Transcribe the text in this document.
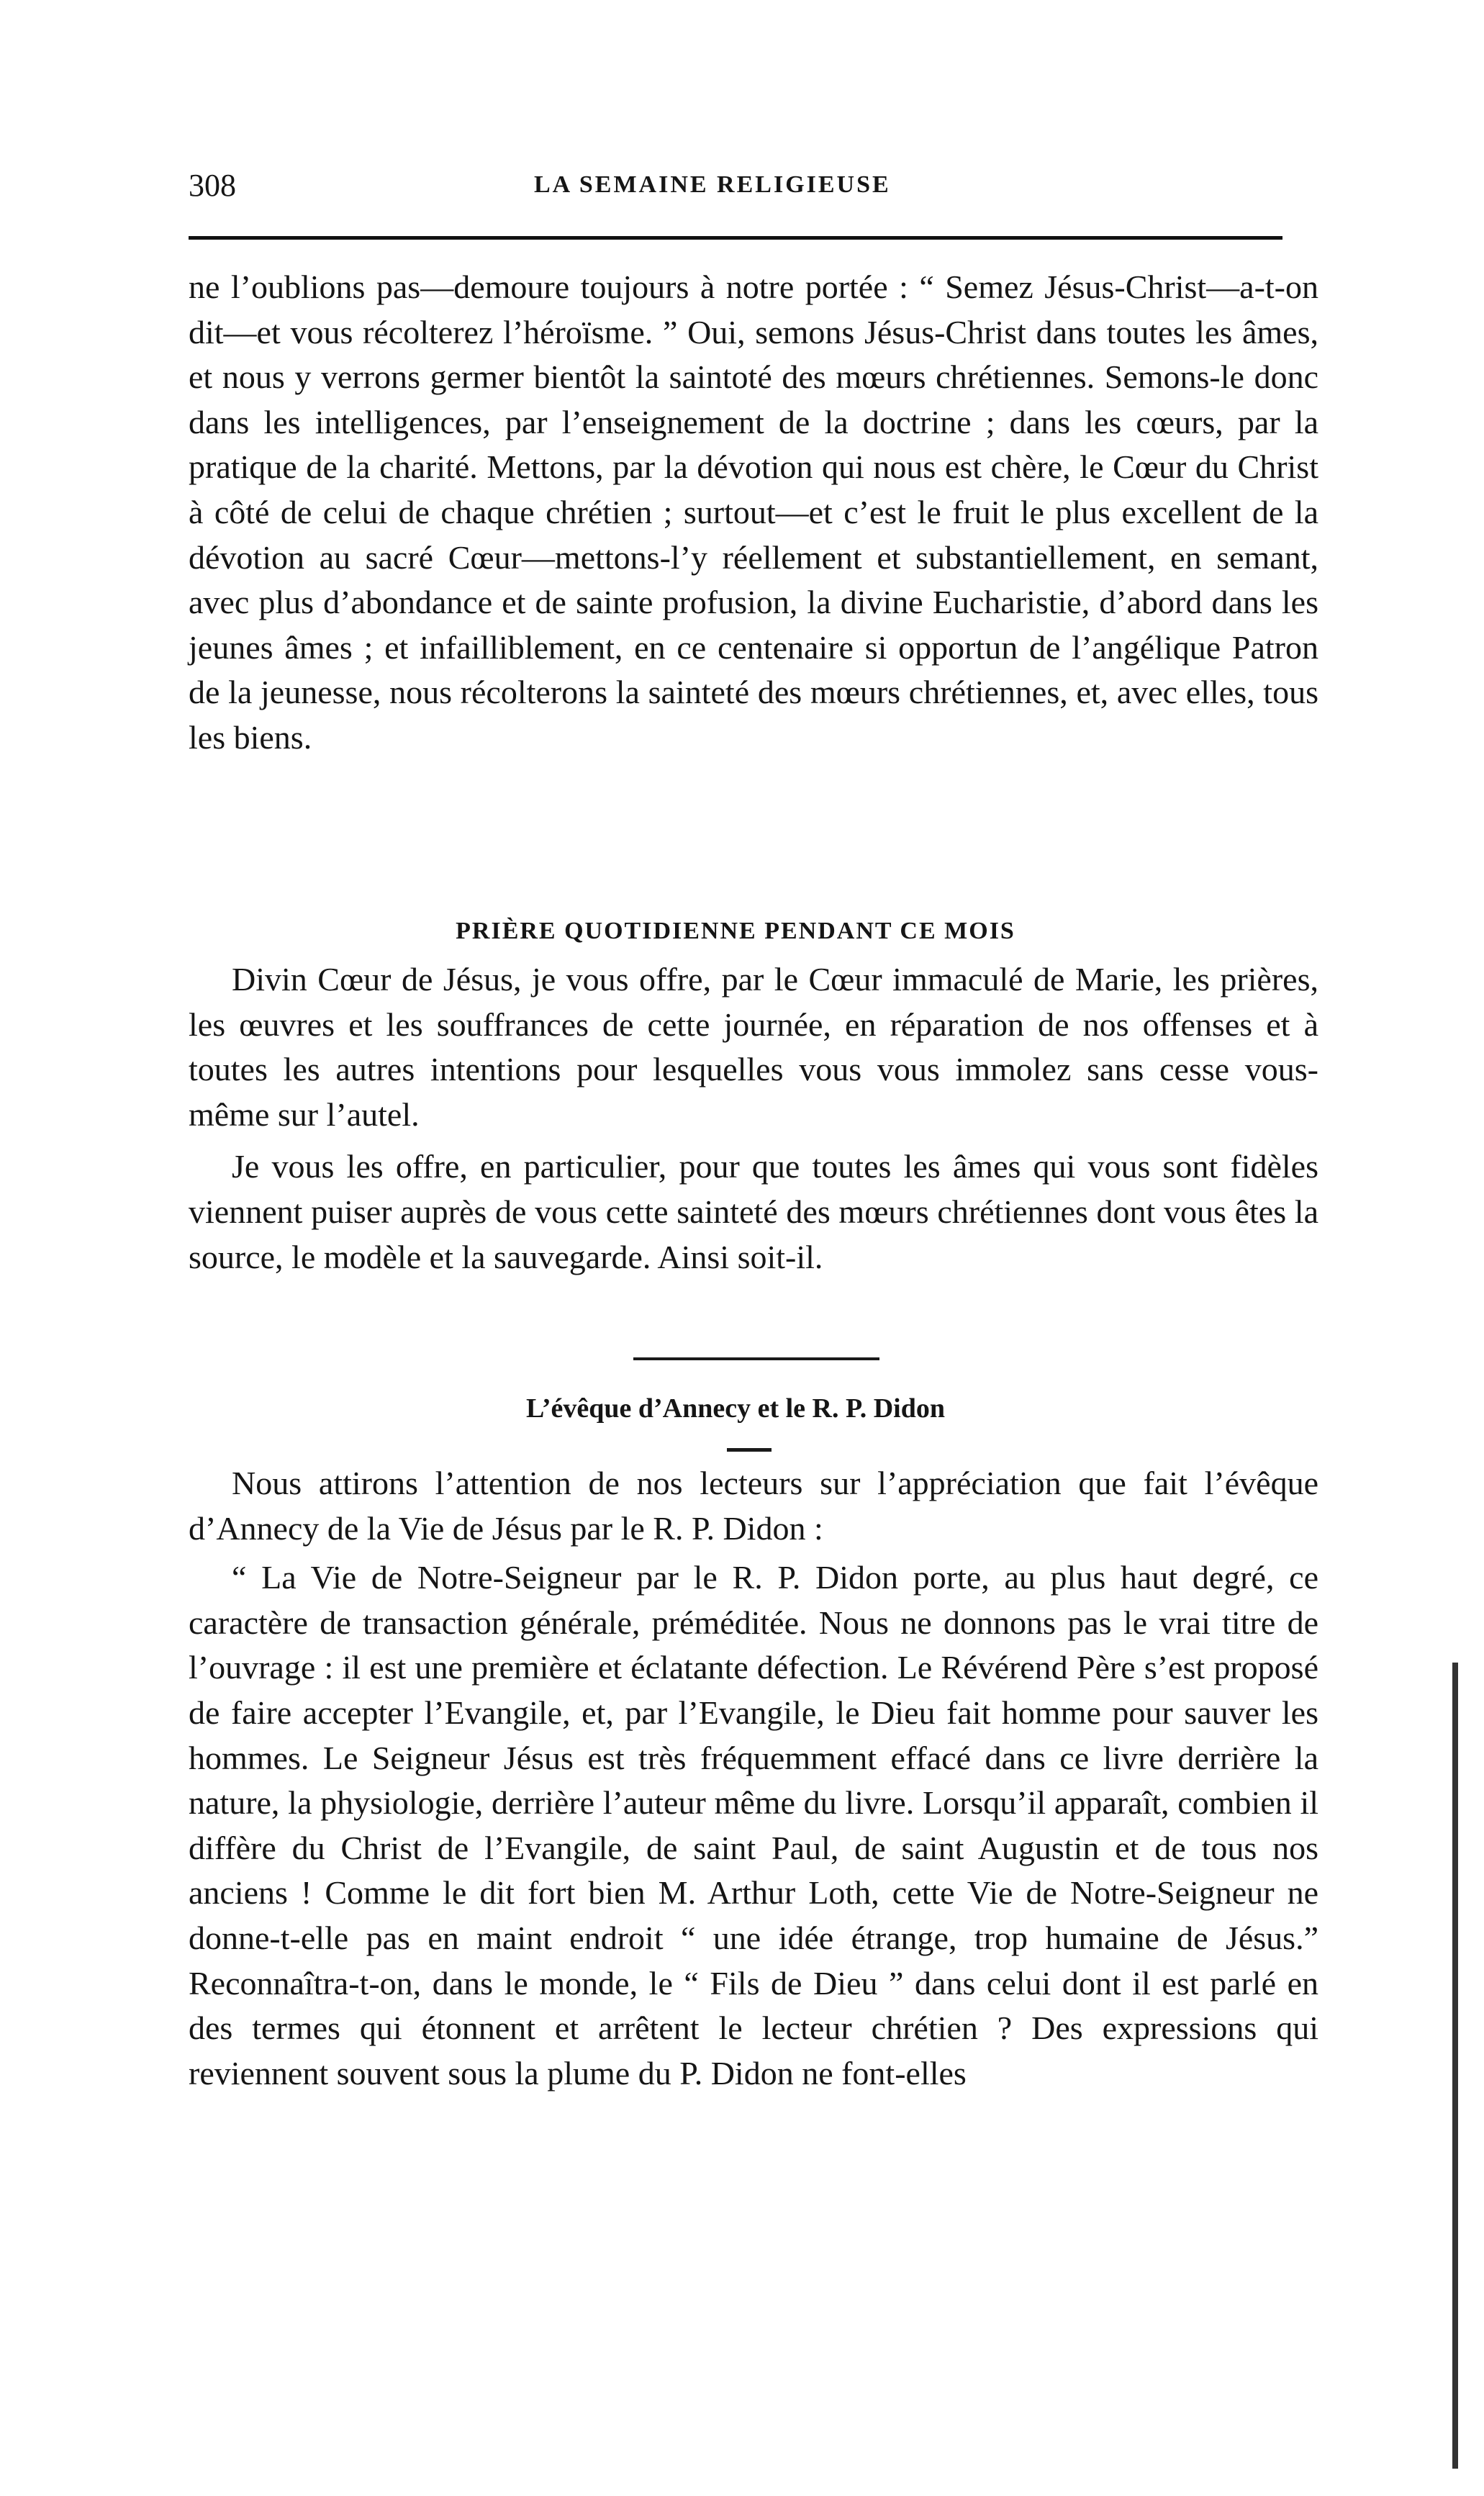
308	LA SEMAINE RELIGIEUSE

ne l’oublions pas—demoure toujours à notre portée : “ Semez Jésus-Christ—a-t-on dit—et vous récolterez l’héroïsme. ” Oui, semons Jésus-Christ dans toutes les âmes, et nous y verrons germer bientôt la saintoté des mœurs chrétiennes. Semons-le donc dans les intelligences, par l’enseignement de la doctrine ; dans les cœurs, par la pratique de la charité. Mettons, par la dévotion qui nous est chère, le Cœur du Christ à côté de celui de chaque chrétien ; surtout—et c’est le fruit le plus excellent de la dévotion au sacré Cœur—mettons-l’y réellement et substantiellement, en semant, avec plus d’abondance et de sainte profusion, la divine Eucharistie, d’abord dans les jeunes âmes ; et infailliblement, en ce centenaire si opportun de l’angélique Patron de la jeunesse, nous récolterons la sainteté des mœurs chrétiennes, et, avec elles, tous les biens.

PRIÈRE QUOTIDIENNE PENDANT CE MOIS

Divin Cœur de Jésus, je vous offre, par le Cœur immaculé de Marie, les prières, les œuvres et les souffrances de cette journée, en réparation de nos offenses et à toutes les autres intentions pour lesquelles vous vous immolez sans cesse vous-même sur l’autel.

Je vous les offre, en particulier, pour que toutes les âmes qui vous sont fidèles viennent puiser auprès de vous cette sainteté des mœurs chrétiennes dont vous êtes la source, le modèle et la sauvegarde. Ainsi soit-il.

L’évêque d’Annecy et le R. P. Didon

Nous attirons l’attention de nos lecteurs sur l’appréciation que fait l’évêque d’Annecy de la Vie de Jésus par le R. P. Didon :

“ La Vie de Notre-Seigneur par le R. P. Didon porte, au plus haut degré, ce caractère de transaction générale, préméditée. Nous ne donnons pas le vrai titre de l’ouvrage : il est une première et éclatante défection. Le Révérend Père s’est proposé de faire accepter l’Evangile, et, par l’Evangile, le Dieu fait homme pour sauver les hommes. Le Seigneur Jésus est très fréquemment effacé dans ce livre derrière la nature, la physiologie, derrière l’auteur même du livre. Lorsqu’il apparaît, combien il diffère du Christ de l’Evangile, de saint Paul, de saint Augustin et de tous nos anciens ! Comme le dit fort bien M. Arthur Loth, cette Vie de Notre-Seigneur ne donne-t-elle pas en maint endroit “ une idée étrange, trop humaine de Jésus.” Reconnaîtra-t-on, dans le monde, le “ Fils de Dieu ” dans celui dont il est parlé en des termes qui étonnent et arrêtent le lecteur chrétien ? Des expressions qui reviennent souvent sous la plume du P. Didon ne font-elles
